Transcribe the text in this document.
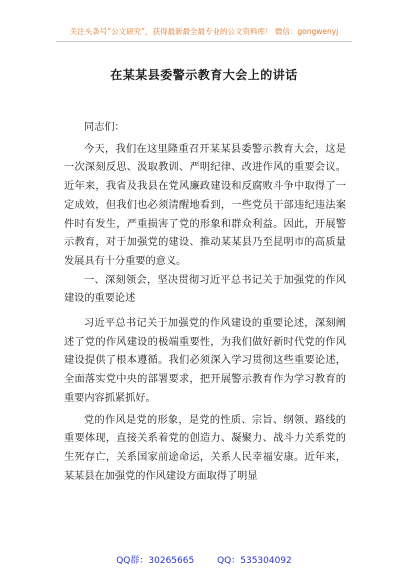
关注头条号“公文研究”，获得最新最全最专业的公文资料库！ 微信：gongwenyj
在某某县委警示教育大会上的讲话

同志们：

今天，我们在这里隆重召开某某县委警示教育大会，这是一次深刻反思、汲取教训、严明纪律、改进作风的重要会议。近年来，我省及我县在党风廉政建设和反腐败斗争中取得了一定成效，但我们也必须清醒地看到，一些党员干部违纪违法案件时有发生，严重损害了党的形象和群众利益。因此，开展警示教育，对于加强党的建设、推动某某县乃至昆明市的高质量发展具有十分重要的意义。

一、深刻领会，坚决贯彻习近平总书记关于加强党的作风建设的重要论述

习近平总书记关于加强党的作风建设的重要论述，深刻阐述了党的作风建设的极端重要性，为我们做好新时代党的作风建设提供了根本遵循。我们必须深入学习贯彻这些重要论述，全面落实党中央的部署要求，把开展警示教育作为学习教育的重要内容抓紧抓好。

党的作风是党的形象，是党的性质、宗旨、纲领、路线的重要体现，直接关系着党的创造力、凝聚力、战斗力关系党的生死存亡，关系国家前途命运，关系人民幸福安康。近年来，某某县在加强党的作风建设方面取得了明显

QQ群：30265665	QQ：535304092
